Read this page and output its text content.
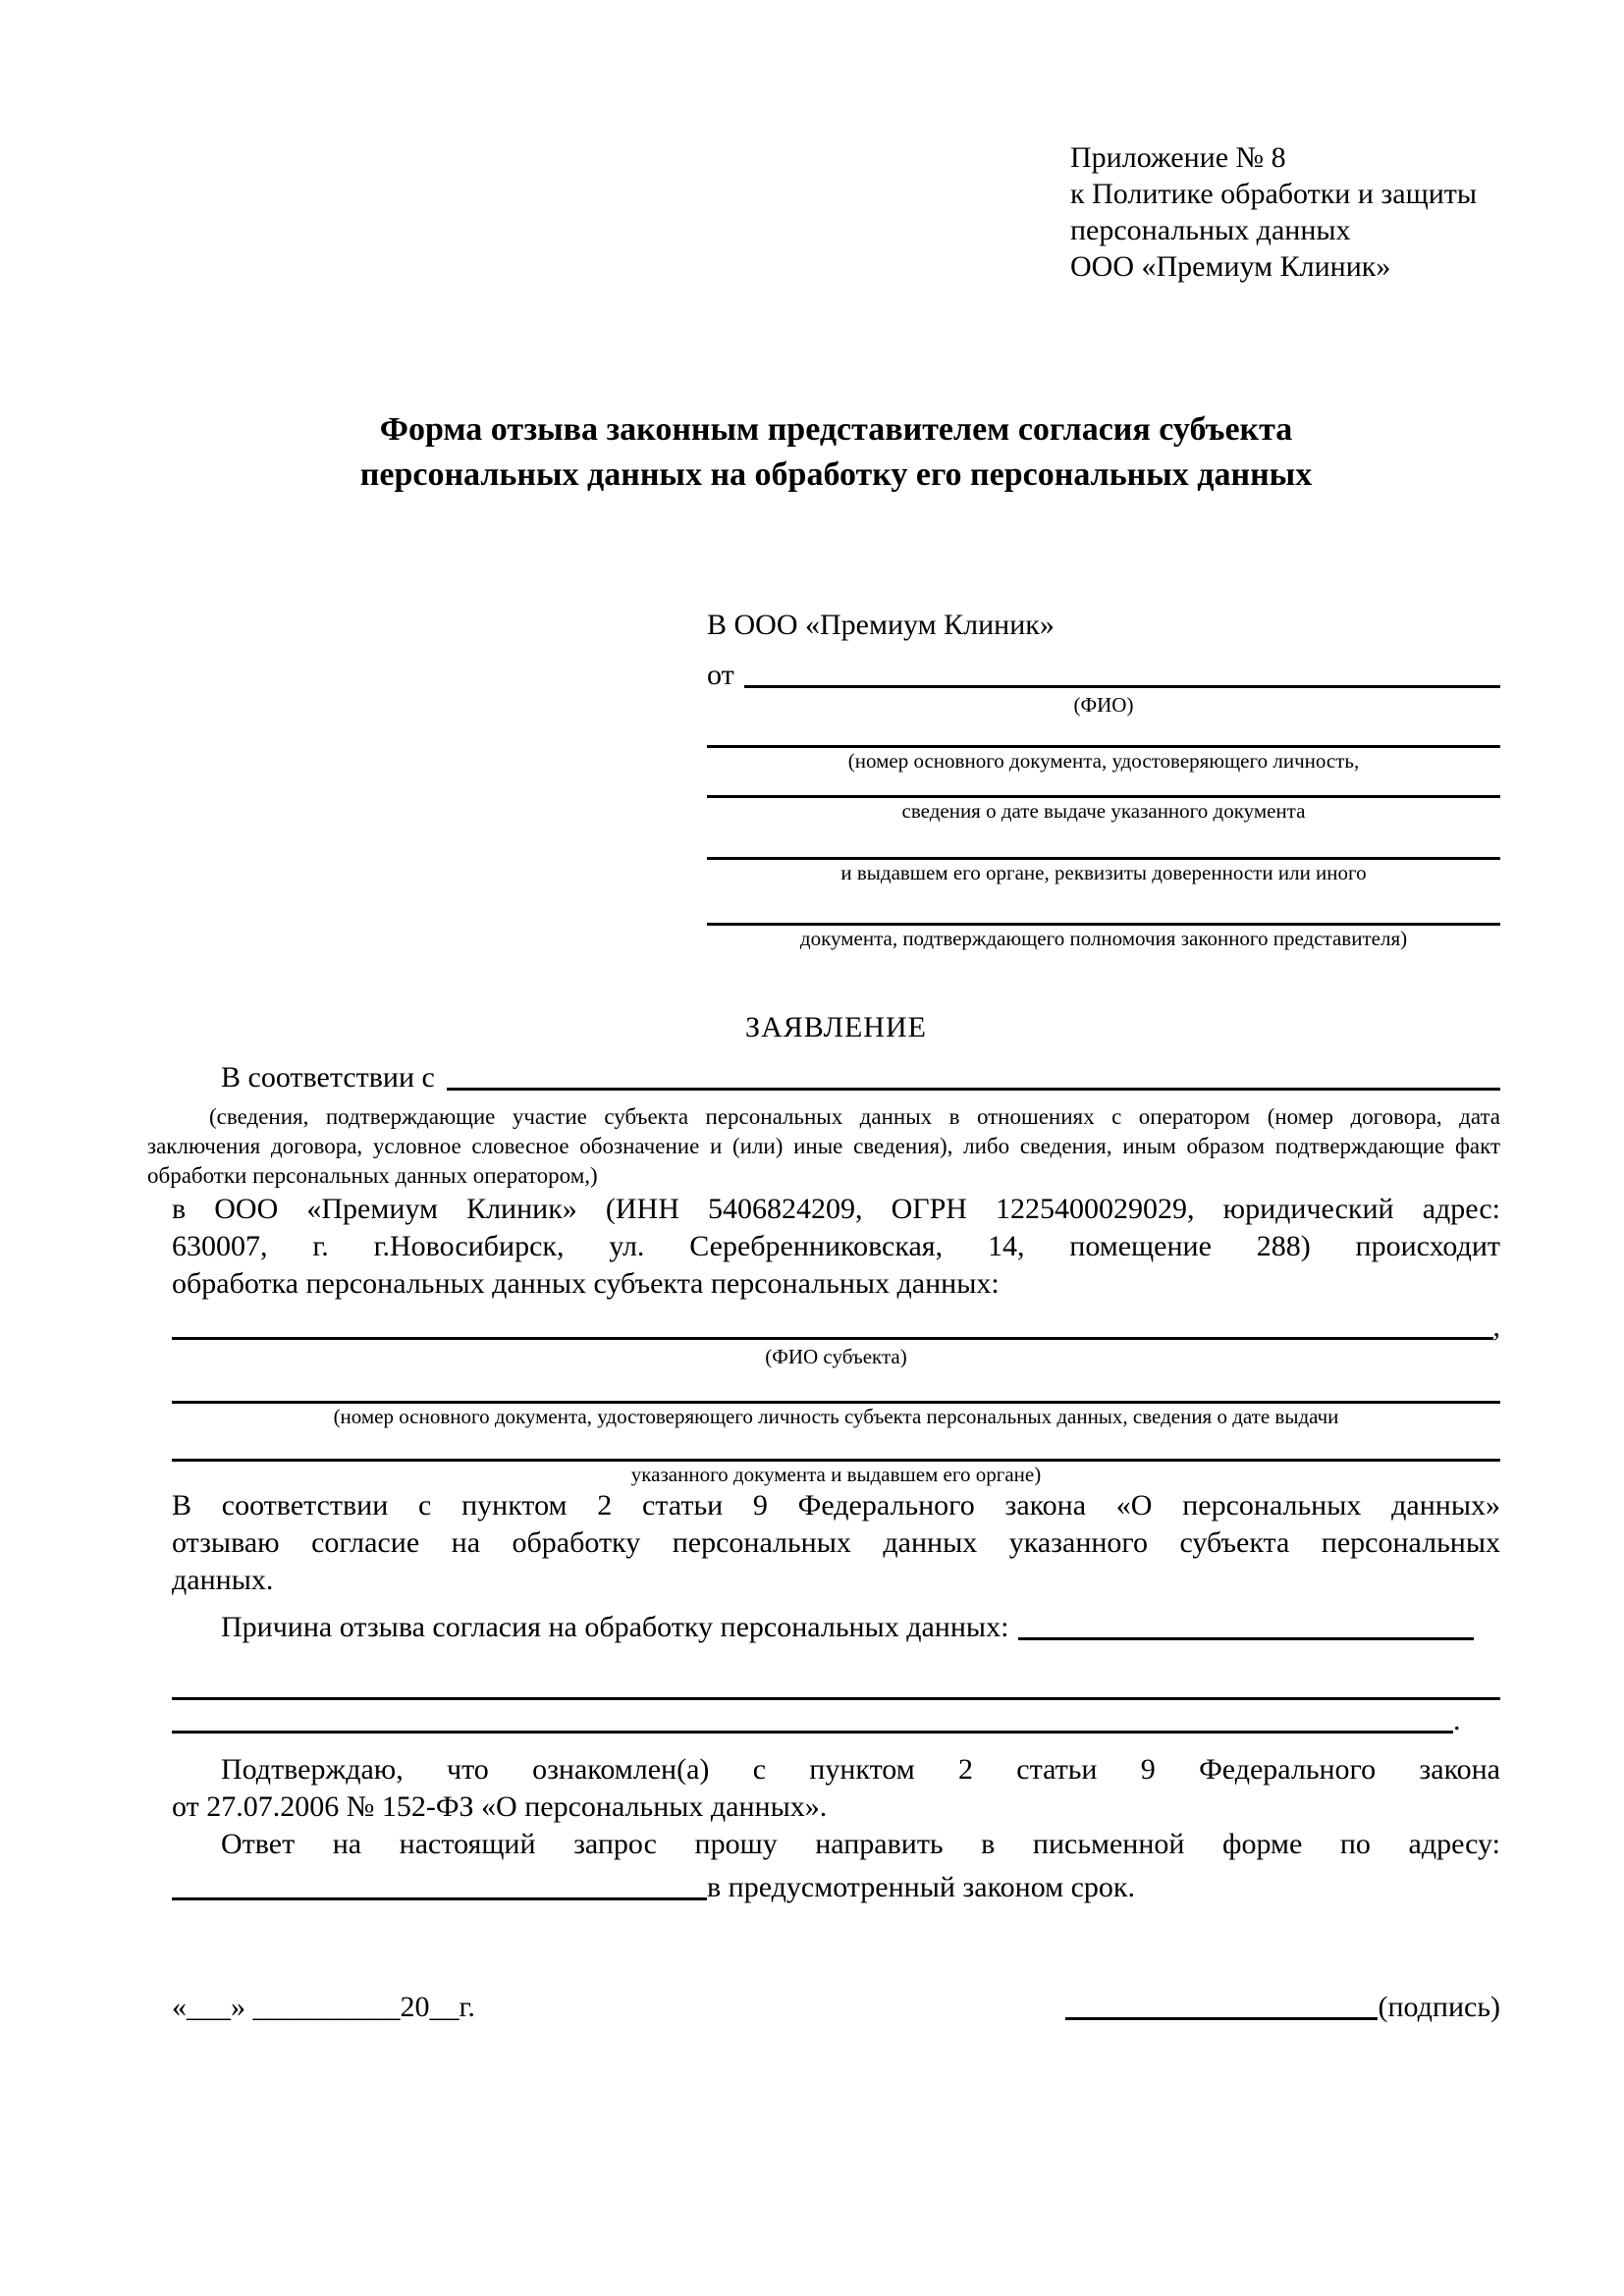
Приложение № 8
к Политике обработки и защиты
персональных данных
ООО «Премиум Клиник»
Форма отзыва законным представителем согласия субъекта
персональных данных на обработку его персональных данных
В ООО «Премиум Клиник»
от
(ФИО)
(номер основного документа, удостоверяющего личность,
сведения о дате выдаче указанного документа
и выдавшем его органе, реквизиты доверенности или иного
документа, подтверждающего полномочия законного представителя)
ЗАЯВЛЕНИЕ
В соответствии с
(сведения, подтверждающие участие субъекта персональных данных в отношениях с оператором (номер договора, дата
заключения договора, условное словесное обозначение и (или) иные сведения), либо сведения, иным образом подтверждающие факт
обработки персональных данных оператором,)
в ООО «Премиум Клиник» (ИНН 5406824209, ОГРН 1225400029029, юридический адрес:
630007, г. г.Новосибирск, ул. Серебренниковская, 14, помещение 288) происходит
обработка персональных данных субъекта персональных данных:
,
(ФИО субъекта)
(номер основного документа, удостоверяющего личность субъекта персональных данных, сведения о дате выдачи
указанного документа и выдавшем его органе)
В соответствии с пунктом 2 статьи 9 Федерального закона «О персональных данных»
отзываю согласие на обработку персональных данных указанного субъекта персональных
данных.
Причина отзыва согласия на обработку персональных данных:
.
Подтверждаю, что ознакомлен(а) с пунктом 2 статьи 9 Федерального закона
от 27.07.2006 № 152-ФЗ «О персональных данных».
Ответ на настоящий запрос прошу направить в письменной форме по адресу:
в предусмотренный законом срок.
«___» __________20__г.	(подпись)
